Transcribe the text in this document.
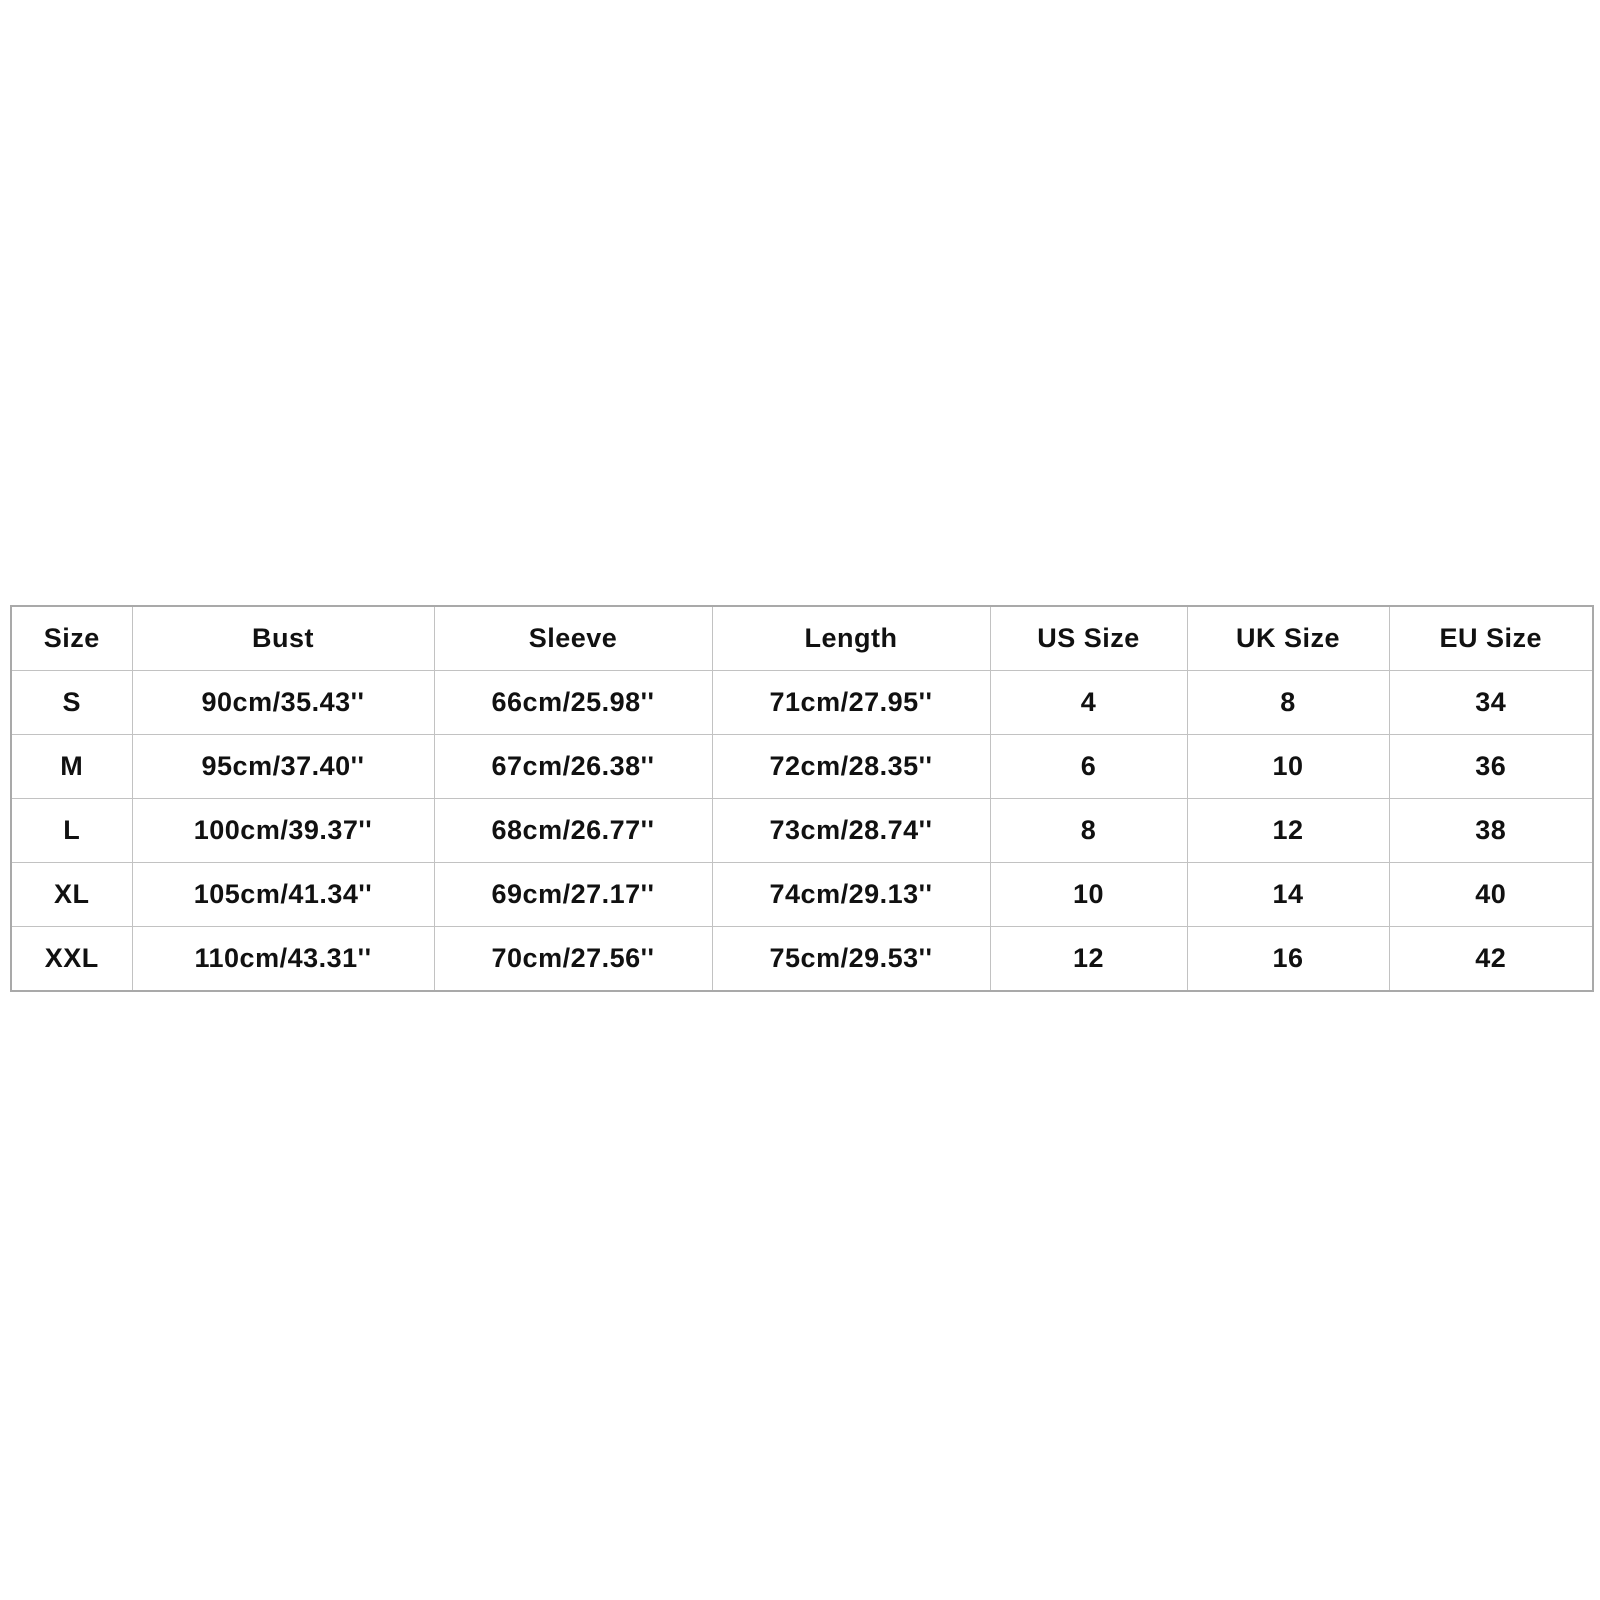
Size	Bust	Sleeve	Length	US Size	UK Size	EU Size
S	90cm/35.43''	66cm/25.98''	71cm/27.95''	4	8	34
M	95cm/37.40''	67cm/26.38''	72cm/28.35''	6	10	36
L	100cm/39.37''	68cm/26.77''	73cm/28.74''	8	12	38
XL	105cm/41.34''	69cm/27.17''	74cm/29.13''	10	14	40
XXL	110cm/43.31''	70cm/27.56''	75cm/29.53''	12	16	42
